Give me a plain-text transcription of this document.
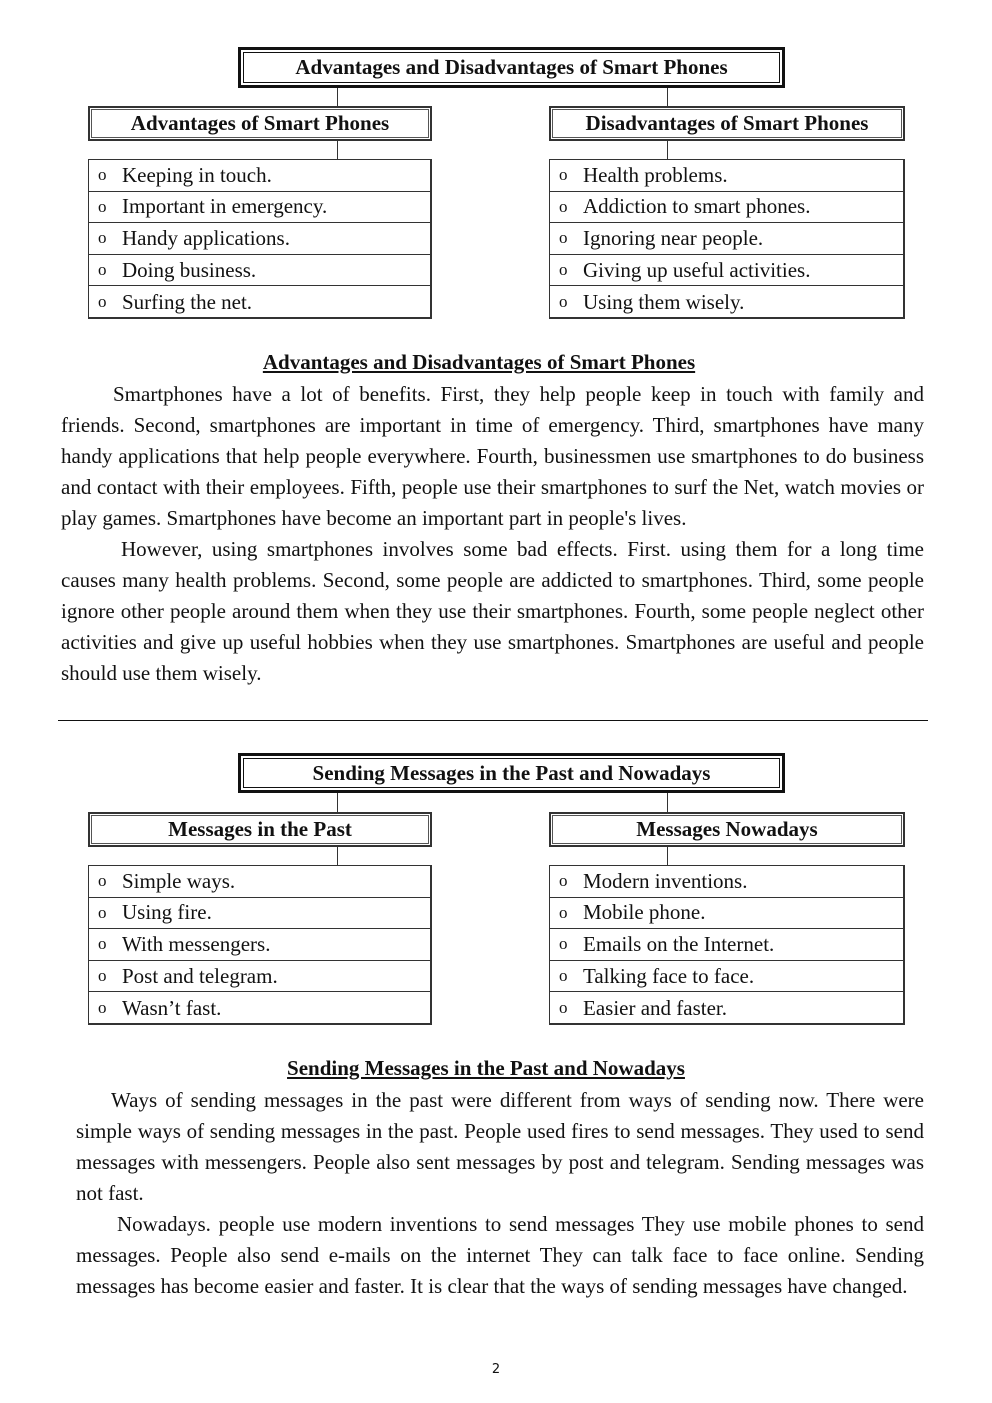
Advantages and Disadvantages of Smart Phones
Advantages of Smart Phones	Disadvantages of Smart Phones
o Keeping in touch.
o Important in emergency.
o Handy applications.
o Doing business.
o Surfing the net.
o Health problems.
o Addiction to smart phones.
o Ignoring near people.
o Giving up useful activities.
o Using them wisely.
Advantages and Disadvantages of Smart Phones

Smartphones have a lot of benefits. First, they help people keep in touch with family and friends. Second, smartphones are important in time of emergency. Third, smartphones have many handy applications that help people everywhere. Fourth, businessmen use smartphones to do business and contact with their employees. Fifth, people use their smartphones to surf the Net, watch movies or play games. Smartphones have become an important part in people's lives.

However, using smartphones involves some bad effects. First. using them for a long time causes many health problems. Second, some people are addicted to smartphones. Third, some people ignore other people around them when they use their smartphones. Fourth, some people neglect other activities and give up useful hobbies when they use smartphones. Smartphones are useful and people should use them wisely.

Sending Messages in the Past and Nowadays
Messages in the Past	Messages Nowadays
o Simple ways.
o Using fire.
o With messengers.
o Post and telegram.
o Wasn’t fast.
o Modern inventions.
o Mobile phone.
o Emails on the Internet.
o Talking face to face.
o Easier and faster.
Sending Messages in the Past and Nowadays

Ways of sending messages in the past were different from ways of sending now. There were simple ways of sending messages in the past. People used fires to send messages. They used to send messages with messengers. People also sent messages by post and telegram. Sending messages was not fast.

Nowadays. people use modern inventions to send messages They use mobile phones to send messages. People also send e-mails on the internet They can talk face to face online. Sending messages has become easier and faster. It is clear that the ways of sending messages have changed.

2
